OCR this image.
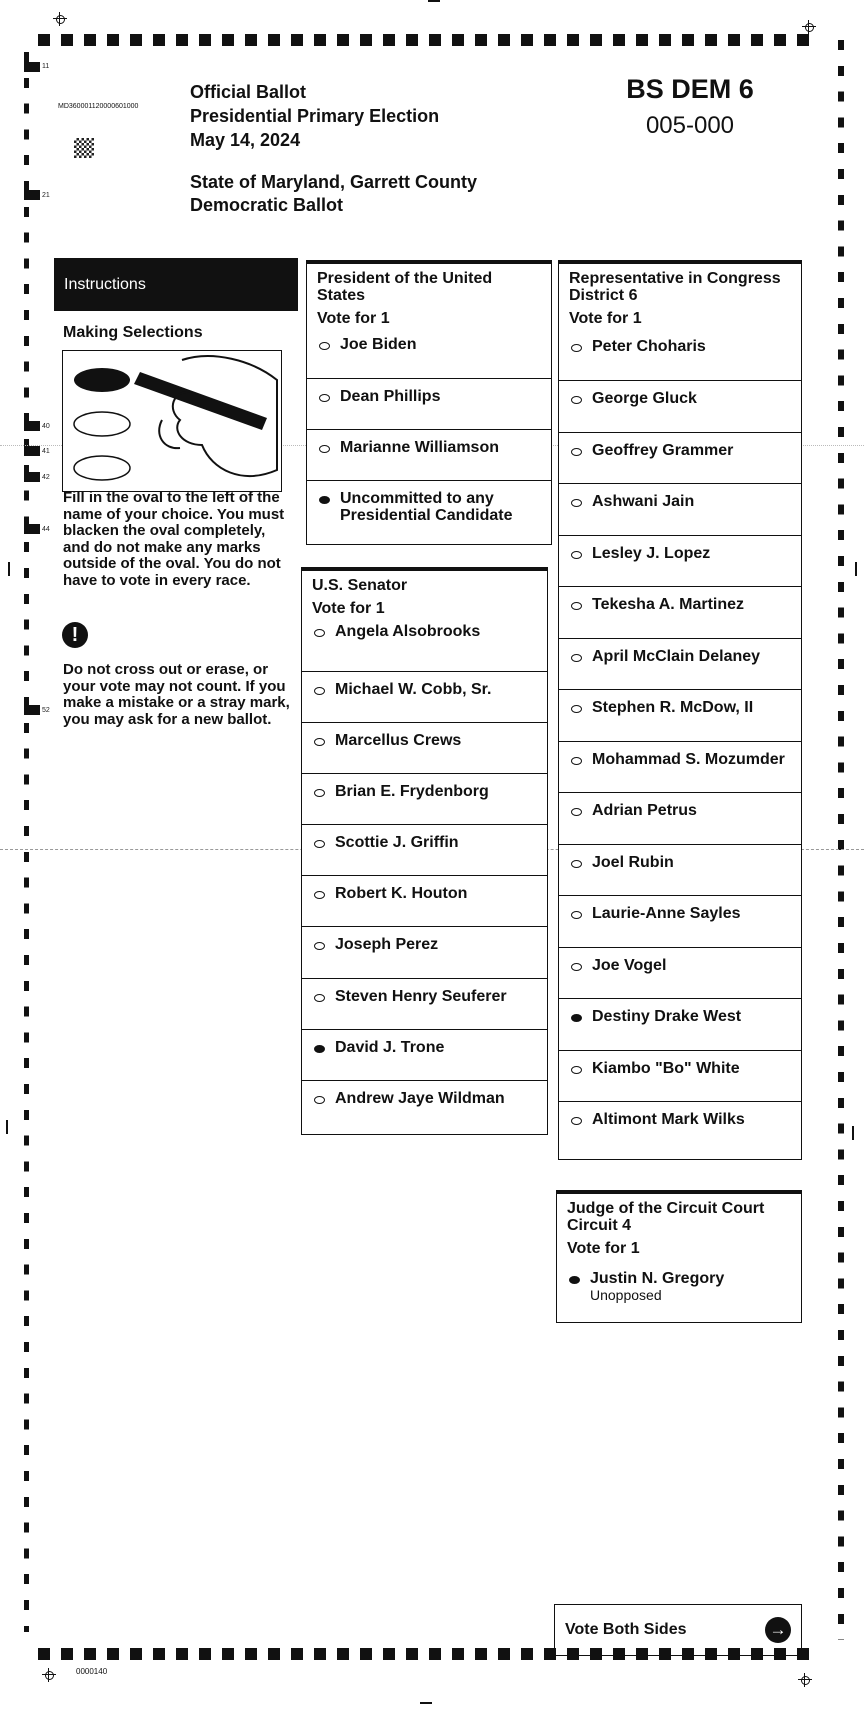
11
21
40
41
42
44
52
MD360001120000601000
Official Ballot
Presidential Primary Election
May 14, 2024
State of Maryland, Garrett County
Democratic Ballot
BS DEM 6
005-000
Instructions
Making Selections
Fill in the oval to the left of the name of your choice. You must blacken the oval completely, and do not make any marks outside of the oval. You do not have to vote in every race.
!
Do not cross out or erase, or your vote may not count. If you make a mistake or a stray mark, you may ask for a new ballot.
President of the United States
Vote for 1
Joe Biden
Dean Phillips
Marianne Williamson
Uncommitted to any Presidential Candidate
U.S. Senator
Vote for 1
Angela Alsobrooks
Michael W. Cobb, Sr.
Marcellus Crews
Brian E. Frydenborg
Scottie J. Griffin
Robert K. Houton
Joseph Perez
Steven Henry Seuferer
David J. Trone
Andrew Jaye Wildman
Representative in Congress District 6
Vote for 1
Peter Choharis
George Gluck
Geoffrey Grammer
Ashwani Jain
Lesley J. Lopez
Tekesha A. Martinez
April McClain Delaney
Stephen R. McDow, II
Mohammad S. Mozumder
Adrian Petrus
Joel Rubin
Laurie-Anne Sayles
Joe Vogel
Destiny Drake West
Kiambo "Bo" White
Altimont Mark Wilks
Judge of the Circuit Court Circuit 4
Vote for 1
Justin N. Gregory
Unopposed
Vote Both Sides	→
0000140
